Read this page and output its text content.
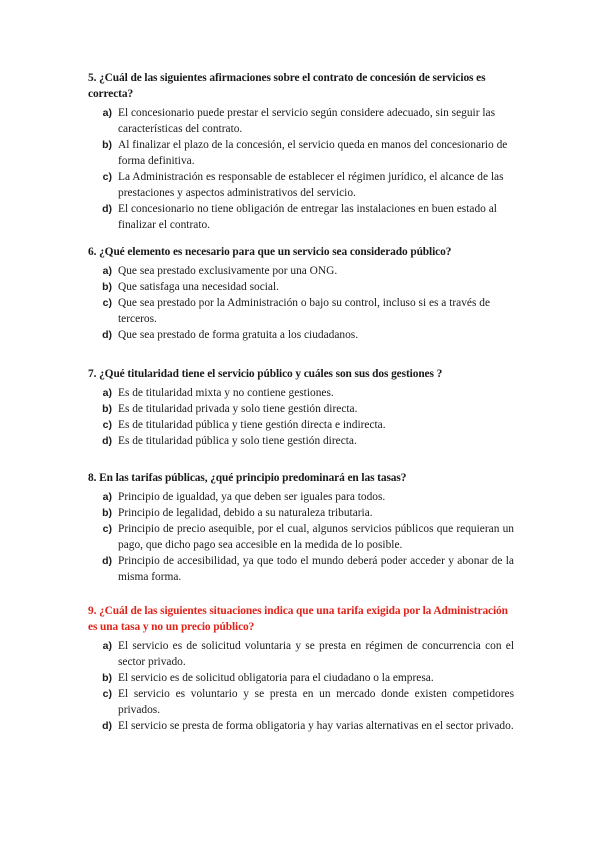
5. ¿Cuál de las siguientes afirmaciones sobre el contrato de concesión de servicios es correcta?

a) El concesionario puede prestar el servicio según considere adecuado, sin seguir las características del contrato.
b) Al finalizar el plazo de la concesión, el servicio queda en manos del concesionario de forma definitiva.
c) La Administración es responsable de establecer el régimen jurídico, el alcance de las prestaciones y aspectos administrativos del servicio.
d) El concesionario no tiene obligación de entregar las instalaciones en buen estado al finalizar el contrato.

6. ¿Qué elemento es necesario para que un servicio sea considerado público?

a) Que sea prestado exclusivamente por una ONG.
b) Que satisfaga una necesidad social.
c) Que sea prestado por la Administración o bajo su control, incluso si es a través de terceros.
d) Que sea prestado de forma gratuita a los ciudadanos.

7. ¿Qué titularidad tiene el servicio público y cuáles son sus dos gestiones ?

a) Es de titularidad mixta y no contiene gestiones.
b) Es de titularidad privada y solo tiene gestión directa.
c) Es de titularidad pública y tiene gestión directa e indirecta.
d) Es de titularidad pública y solo tiene gestión directa.

8. En las tarifas públicas, ¿qué principio predominará en las tasas?

a) Principio de igualdad, ya que deben ser iguales para todos.
b) Principio de legalidad, debido a su naturaleza tributaria.
c) Principio de precio asequible, por el cual, algunos servicios públicos que requieran un pago, que dicho pago sea accesible en la medida de lo posible.
d) Principio de accesibilidad, ya que todo el mundo deberá poder acceder y abonar de la misma forma.

9. ¿Cuál de las siguientes situaciones indica que una tarifa exigida por la Administración es una tasa y no un precio público?

a) El servicio es de solicitud voluntaria y se presta en régimen de concurrencia con el sector privado.
b) El servicio es de solicitud obligatoria para el ciudadano o la empresa.
c) El servicio es voluntario y se presta en un mercado donde existen competidores privados.
d) El servicio se presta de forma obligatoria y hay varias alternativas en el sector privado.
